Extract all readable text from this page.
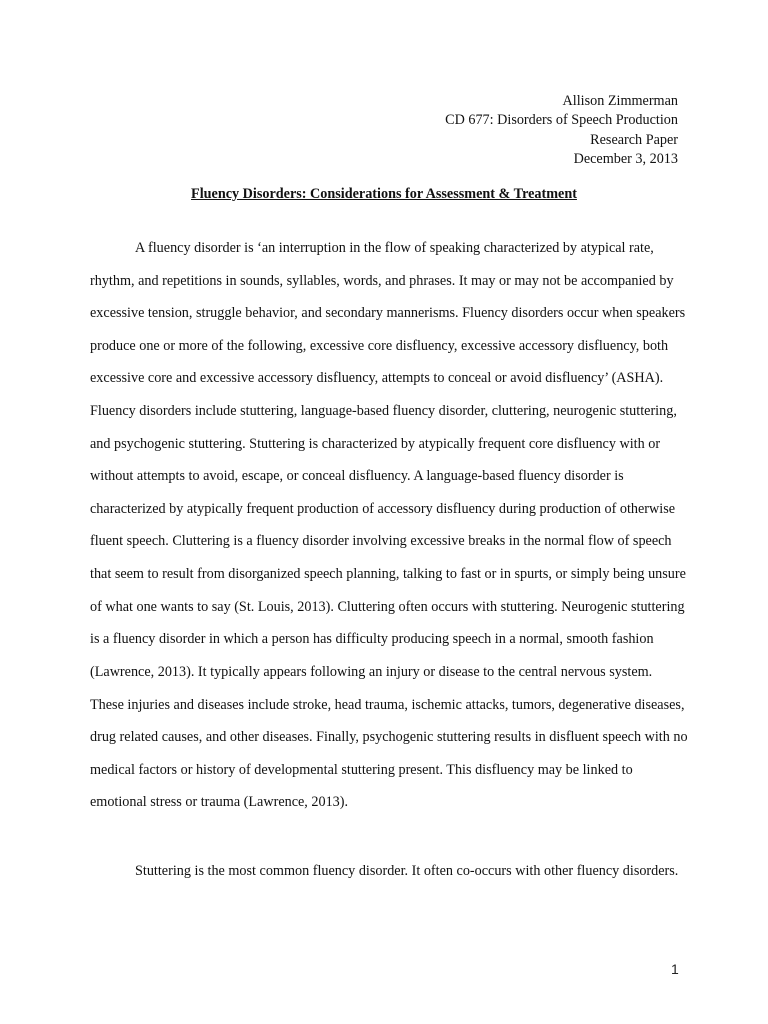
Allison Zimmerman
CD 677: Disorders of Speech Production
Research Paper
December 3, 2013
Fluency Disorders: Considerations for Assessment & Treatment
A fluency disorder is ‘an interruption in the flow of speaking characterized by atypical rate,
rhythm, and repetitions in sounds, syllables, words, and phrases. It may or may not be accompanied by
excessive tension, struggle behavior, and secondary mannerisms. Fluency disorders occur when speakers
produce one or more of the following, excessive core disfluency, excessive accessory disfluency, both
excessive core and excessive accessory disfluency, attempts to conceal or avoid disfluency’ (ASHA).
Fluency disorders include stuttering, language-based fluency disorder, cluttering, neurogenic stuttering,
and psychogenic stuttering. Stuttering is characterized by atypically frequent core disfluency with or
without attempts to avoid, escape, or conceal disfluency. A language-based fluency disorder is
characterized by atypically frequent production of accessory disfluency during production of otherwise
fluent speech. Cluttering is a fluency disorder involving excessive breaks in the normal flow of speech
that seem to result from disorganized speech planning, talking to fast or in spurts, or simply being unsure
of what one wants to say (St. Louis, 2013). Cluttering often occurs with stuttering. Neurogenic stuttering
is a fluency disorder in which a person has difficulty producing speech in a normal, smooth fashion
(Lawrence, 2013). It typically appears following an injury or disease to the central nervous system.
These injuries and diseases include stroke, head trauma, ischemic attacks, tumors, degenerative diseases,
drug related causes, and other diseases. Finally, psychogenic stuttering results in disfluent speech with no
medical factors or history of developmental stuttering present. This disfluency may be linked to
emotional stress or trauma (Lawrence, 2013).
Stuttering is the most common fluency disorder. It often co-occurs with other fluency disorders.
1
